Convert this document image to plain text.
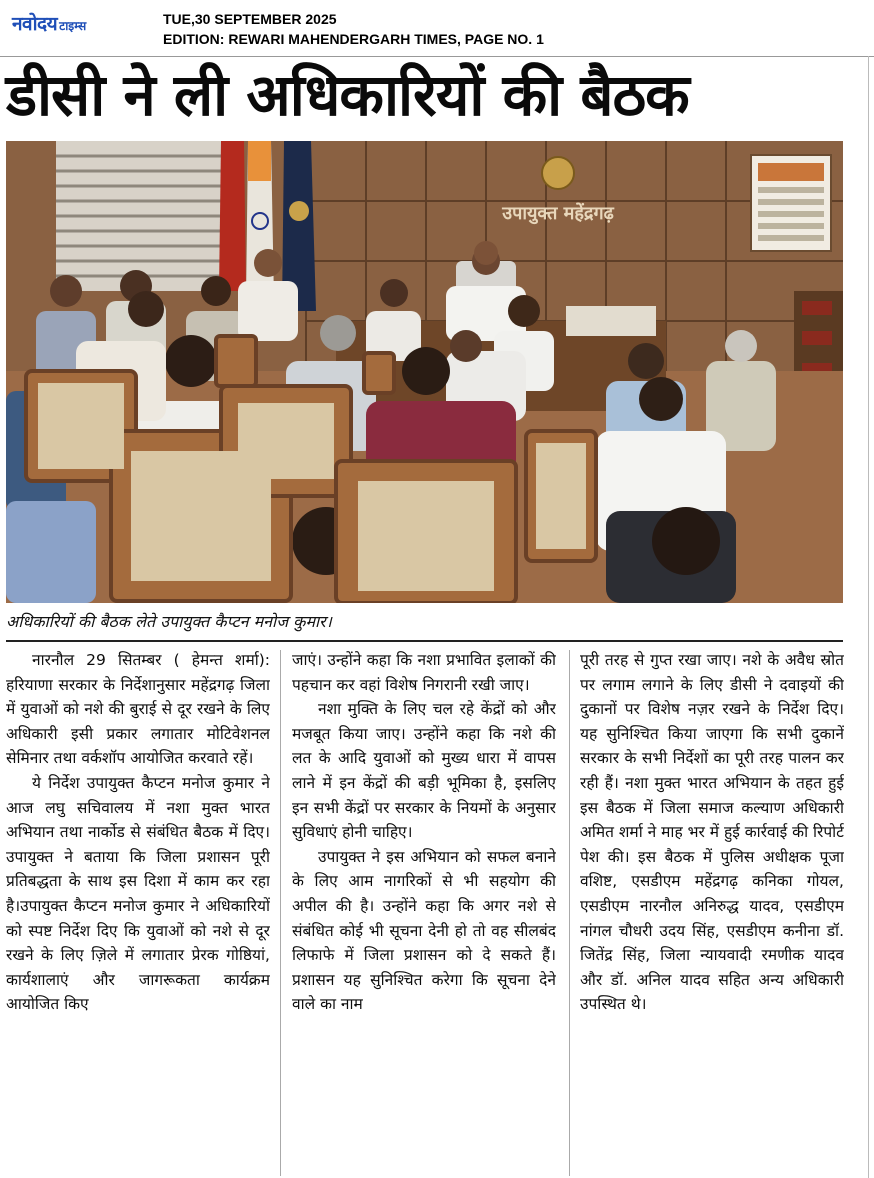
नवोदय टाइम्स	TUE,30 SEPTEMBER 2025
EDITION: REWARI MAHENDERGARH TIMES, PAGE NO. 1
डीसी ने ली अधिकारियों की बैठक
उपायुक्त महेंद्रगढ़
अधिकारियों की बैठक लेते उपायुक्त कैप्टन मनोज कुमार।

नारनौल 29 सितम्बर ( हेमन्त शर्मा): हरियाणा सरकार के निर्देशानुसार महेंद्रगढ़ जिला में युवाओं को नशे की बुराई से दूर रखने के लिए अधिकारी इसी प्रकार लगातार मोटिवेशनल सेमिनार तथा वर्कशॉप आयोजित करवाते रहें।

ये निर्देश उपायुक्त कैप्टन मनोज कुमार ने आज लघु सचिवालय में नशा मुक्त भारत अभियान तथा नार्कोड से संबंधित बैठक में दिए। उपायुक्त ने बताया कि जिला प्रशासन पूरी प्रतिबद्धता के साथ इस दिशा में काम कर रहा है।उपायुक्त कैप्टन मनोज कुमार ने अधिकारियों को स्पष्ट निर्देश दिए कि युवाओं को नशे से दूर रखने के लिए ज़िले में लगातार प्रेरक गोष्ठियां, कार्यशालाएं और जागरूकता कार्यक्रम आयोजित किए

जाएं। उन्होंने कहा कि नशा प्रभावित इलाकों की पहचान कर वहां विशेष निगरानी रखी जाए।

नशा मुक्ति के लिए चल रहे केंद्रों को और मजबूत किया जाए। उन्होंने कहा कि नशे की लत के आदि युवाओं को मुख्य धारा में वापस लाने में इन केंद्रों की बड़ी भूमिका है, इसलिए इन सभी केंद्रों पर सरकार के नियमों के अनुसार सुविधाएं होनी चाहिए।

उपायुक्त ने इस अभियान को सफल बनाने के लिए आम नागरिकों से भी सहयोग की अपील की है। उन्होंने कहा कि अगर नशे से संबंधित कोई भी सूचना देनी हो तो वह सीलबंद लिफाफे में जिला प्रशासन को दे सकते हैं। प्रशासन यह सुनिश्चित करेगा कि सूचना देने वाले का नाम

पूरी तरह से गुप्त रखा जाए। नशे के अवैध स्रोत पर लगाम लगाने के लिए डीसी ने दवाइयों की दुकानों पर विशेष नज़र रखने के निर्देश दिए। यह सुनिश्चित किया जाएगा कि सभी दुकानें सरकार के सभी निर्देशों का पूरी तरह पालन कर रही हैं। नशा मुक्त भारत अभियान के तहत हुई इस बैठक में जिला समाज कल्याण अधिकारी अमित शर्मा ने माह भर में हुई कार्रवाई की रिपोर्ट पेश की। इस बैठक में पुलिस अधीक्षक पूजा वशिष्ट, एसडीएम महेंद्रगढ़ कनिका गोयल, एसडीएम नारनौल अनिरुद्ध यादव, एसडीएम नांगल चौधरी उदय सिंह, एसडीएम कनीना डॉ. जितेंद्र सिंह, जिला न्यायवादी रमणीक यादव और डॉ. अनिल यादव सहित अन्य अधिकारी उपस्थित थे।
